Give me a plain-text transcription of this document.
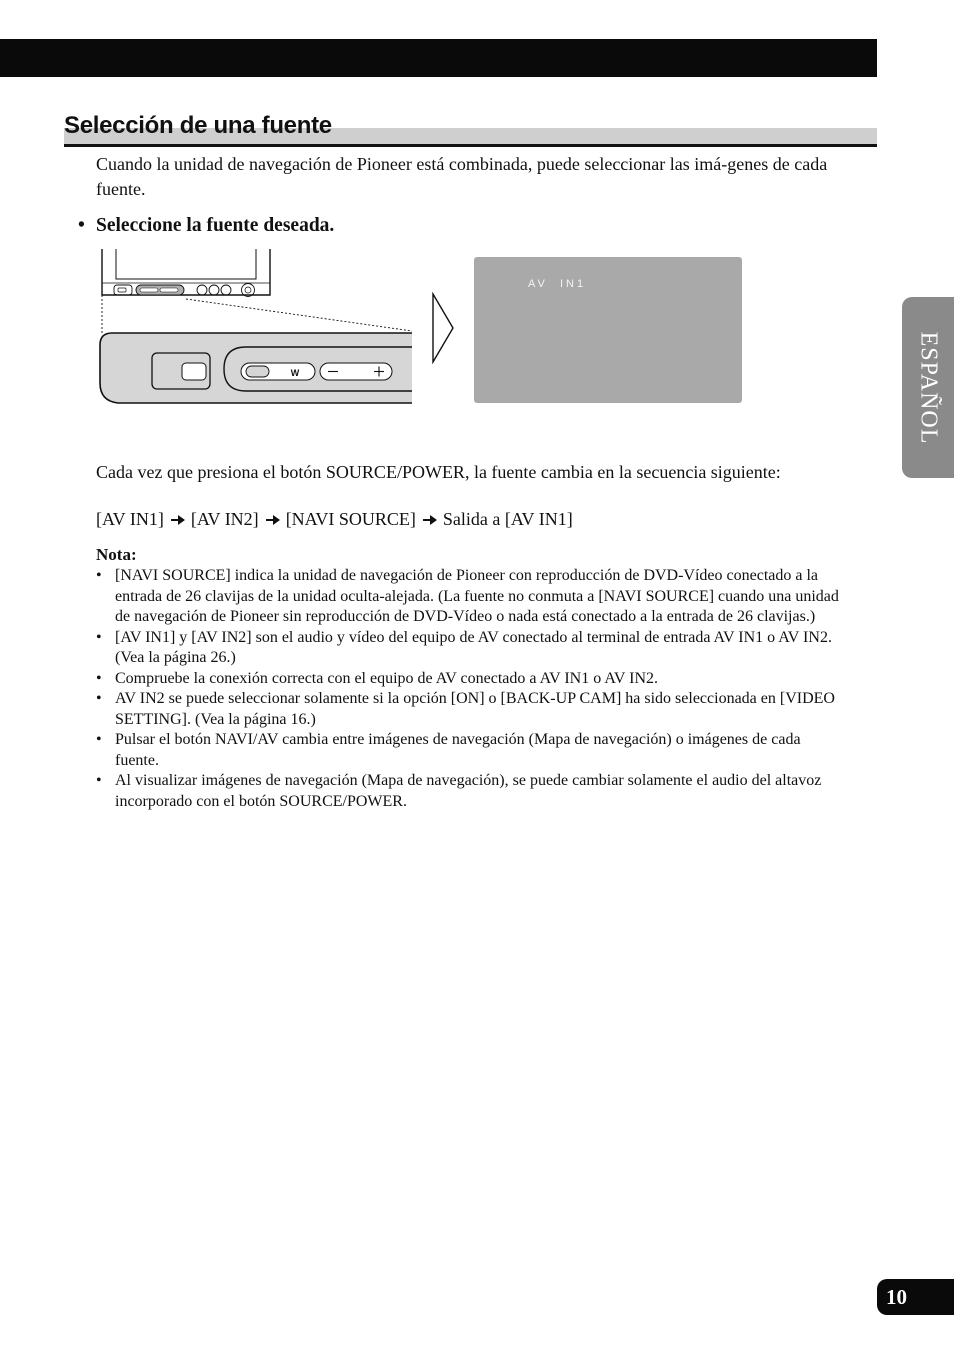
Selección de una fuente

Cuando la unidad de navegación de Pioneer está combinada, puede seleccionar las imá-genes de cada fuente.

• Seleccione la fuente deseada.
W
AV  IN1

Cada vez que presiona el botón SOURCE/POWER, la fuente cambia en la secuencia siguiente:

[AV IN1] [AV IN2] [NAVI SOURCE] Salida a [AV IN1]
Nota:
• [NAVI SOURCE] indica la unidad de navegación de Pioneer con reproducción de DVD-Vídeo conectado a la entrada de 26 clavijas de la unidad oculta-alejada. (La fuente no conmuta a [NAVI SOURCE] cuando una unidad de navegación de Pioneer sin reproducción de DVD-Vídeo o nada está conectado a la entrada de 26 clavijas.)
• [AV IN1] y [AV IN2] son el audio y vídeo del equipo de AV conectado al terminal de entrada AV IN1 o AV IN2. (Vea la página 26.)
• Compruebe la conexión correcta con el equipo de AV conectado a AV IN1 o AV IN2.
• AV IN2 se puede seleccionar solamente si la opción [ON] o [BACK-UP CAM] ha sido seleccionada en [VIDEO SETTING]. (Vea la página 16.)
• Pulsar el botón NAVI/AV cambia entre imágenes de navegación (Mapa de navegación) o imágenes de cada fuente.
• Al visualizar imágenes de navegación (Mapa de navegación), se puede cambiar solamente el audio del altavoz incorporado con el botón SOURCE/POWER.
ESPAÑOL
10
